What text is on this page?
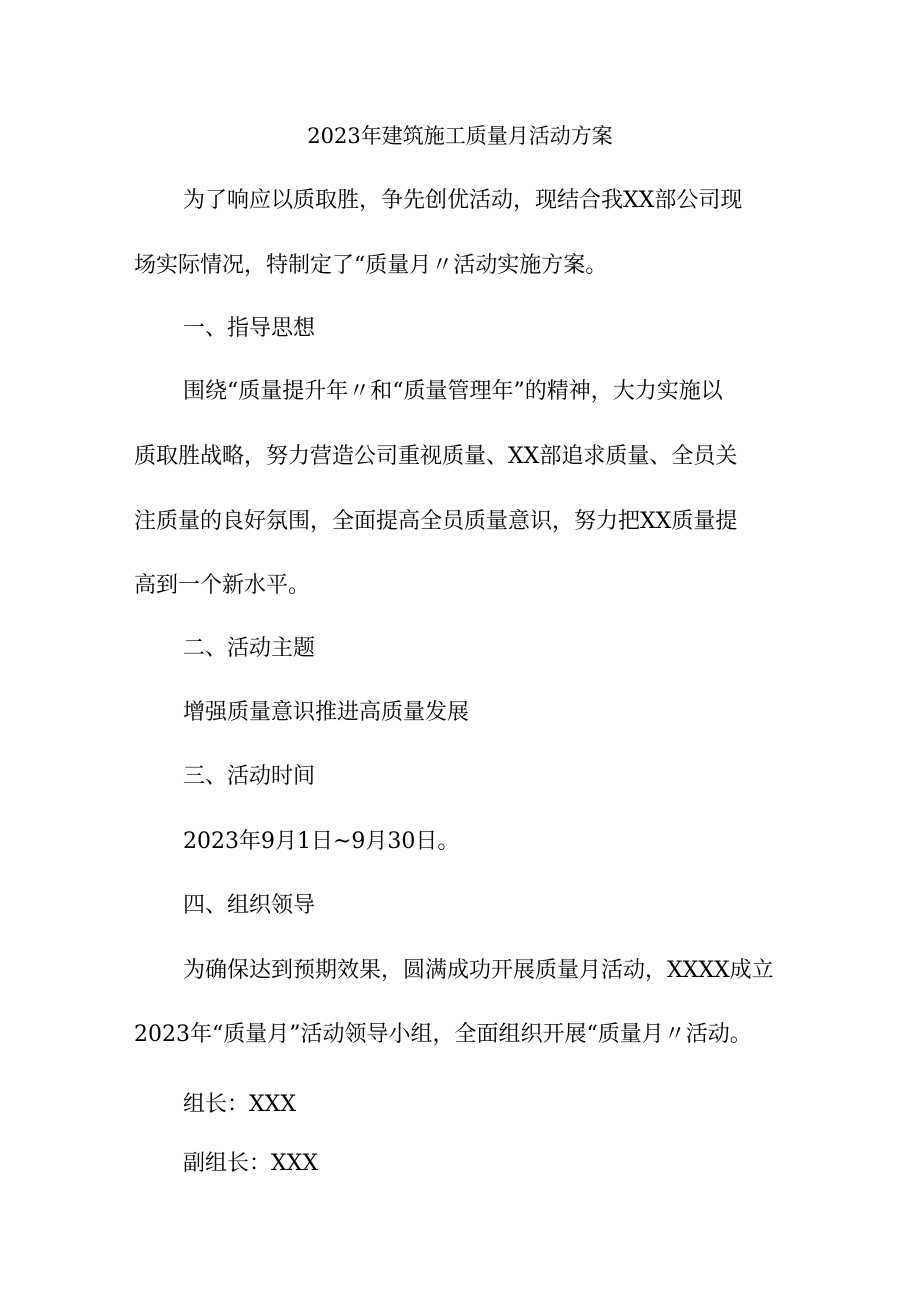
2023年建筑施工质量月活动方案
为了响应以质取胜，争先创优活动，现结合我XX部公司现
场实际情况，特制定了“质量月〃活动实施方案。
一、指导思想
围绕“质量提升年〃和“质量管理年”的精神，大力实施以
质取胜战略，努力营造公司重视质量、XX部追求质量、全员关
注质量的良好氛围，全面提高全员质量意识，努力把XX质量提
高到一个新水平。
二、活动主题
增强质量意识推进高质量发展
三、活动时间
2023年9月1日~9月30日。
四、组织领导
为确保达到预期效果，圆满成功开展质量月活动，XXXX成立
2023年“质量月”活动领导小组，全面组织开展“质量月〃活动。
组长：XXX
副组长：XXX
